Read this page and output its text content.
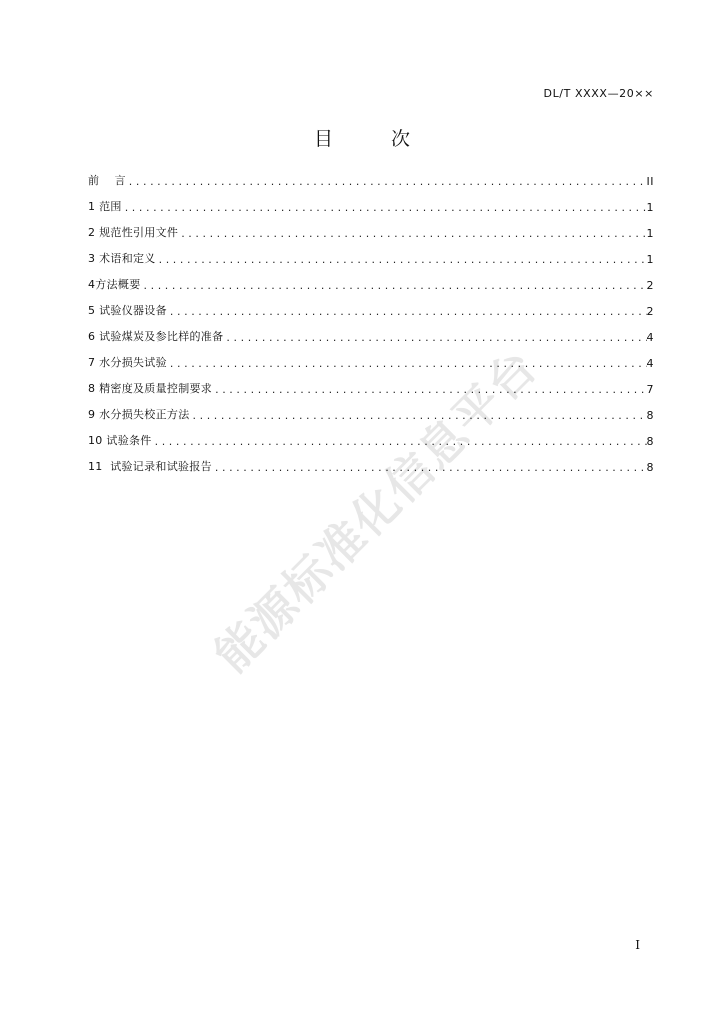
DL/T XXXX—20××
目 次
前    言 .....	II
1 范围 .....	1
2 规范性引用文件 .....	1
3 术语和定义 .....	1
4方法概要 .....	2
5 试验仪器设备 .....	2
6 试验煤炭及参比样的准备 .....	4
7 水分损失试验 .....	4
8 精密度及质量控制要求 .....	7
9 水分损失校正方法 .....	8
10 试验条件 .....	8
11  试验记录和试验报告 .....	8
能源标准化信息平台
I
